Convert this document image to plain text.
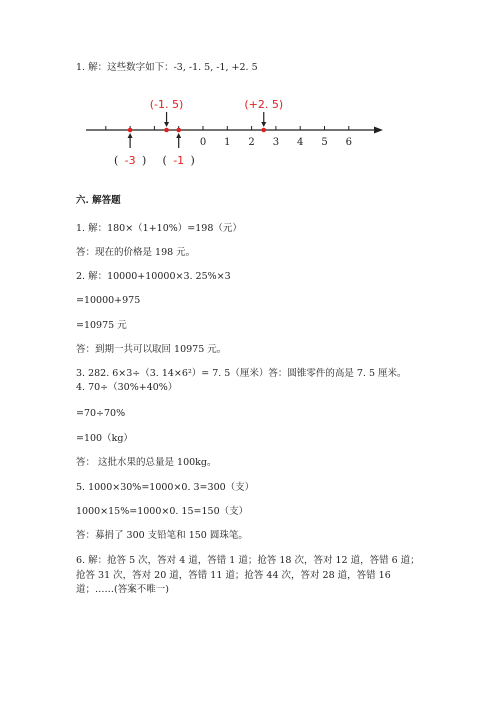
1. 解：这些数字如下：-3, -1. 5, -1, +2. 5
0 1 2 3 4 5 6
(-1. 5)	(+2. 5)
( -3 ) ( -1 )
六. 解答题
1. 解：180×（1+10%）=198（元）
答：现在的价格是 198 元。
2. 解：10000+10000×3. 25%×3
=10000+975
=10975 元
答：到期一共可以取回 10975 元。
3. 282. 6×3÷（3. 14×6²）= 7. 5（厘米）答：圆锥零件的高是 7. 5 厘米。
4. 70÷（30%+40%）
=70÷70%
=100（kg）
答： 这批水果的总量是 100kg。
5. 1000×30%=1000×0. 3=300（支）
1000×15%=1000×0. 15=150（支）
答：募捐了 300 支铅笔和 150 圆珠笔。
6. 解：抢答 5 次，答对 4 道，答错 1 道；抢答 18 次，答对 12 道，答错 6 道；
抢答 31 次，答对 20 道，答错 11 道；抢答 44 次，答对 28 道，答错 16
道；……(答案不唯一)
